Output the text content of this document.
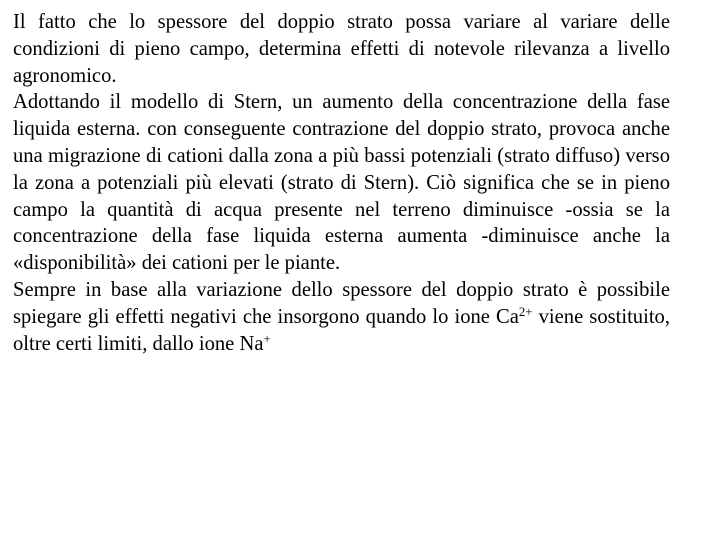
Il fatto che lo spessore del doppio strato possa variare al variare delle condizioni di pieno campo, determina effetti di notevole rilevanza a livello agronomico.

Adottando il modello di Stern, un aumento della concentrazione della fase liquida esterna. con conseguente contrazione del doppio strato, provoca anche una migrazione di cationi dalla zona a più bassi potenziali (strato diffuso) verso la zona a potenziali più elevati (strato di Stern). Ciò significa che se in pieno campo la quantità di acqua presente nel terreno diminuisce -ossia se la concentrazione della fase liquida esterna aumenta -diminuisce anche la «disponibilità» dei cationi per le piante.

Sempre in base alla variazione dello spessore del doppio strato è possibile spiegare gli effetti negativi che insorgono quando lo ione $Ca^{2+}$ viene sostituito, oltre certi limiti, dallo ione Na+
